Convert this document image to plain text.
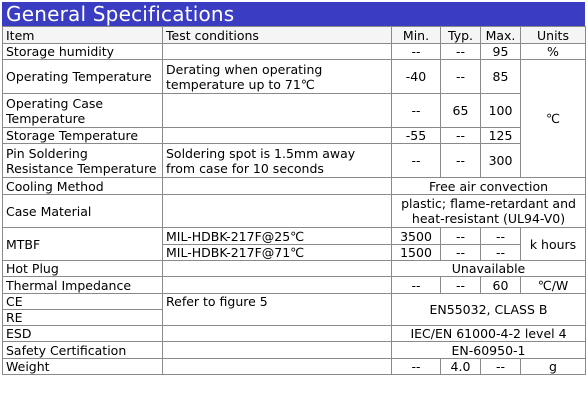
General Specifications
Item	Test conditions	Min.	Typ.	Max.	Units
Storage humidity		--	--	95	%
Operating Temperature	Derating when operating temperature up to 71℃	-40	--	85	℃
Operating Case Temperature		--	65	100	
Storage Temperature		-55	--	125	
Pin Soldering Resistance Temperature	Soldering spot is 1.5mm away from case for 10 seconds	--	--	300	
Cooling Method		Free air convection			
Case Material		plastic; flame-retardant and heat-resistant (UL94-V0)			
MTBF	MIL-HDBK-217F@25℃	3500	--	--	k hours
	MIL-HDBK-217F@71℃	1500	--	--	
Hot Plug		Unavailable			
Thermal Impedance		--	--	60	℃/W
CE	Refer to figure 5	EN55032, CLASS B			
RE					
ESD		IEC/EN 61000-4-2 level 4			
Safety Certification		EN-60950-1			
Weight		--	4.0	--	g
